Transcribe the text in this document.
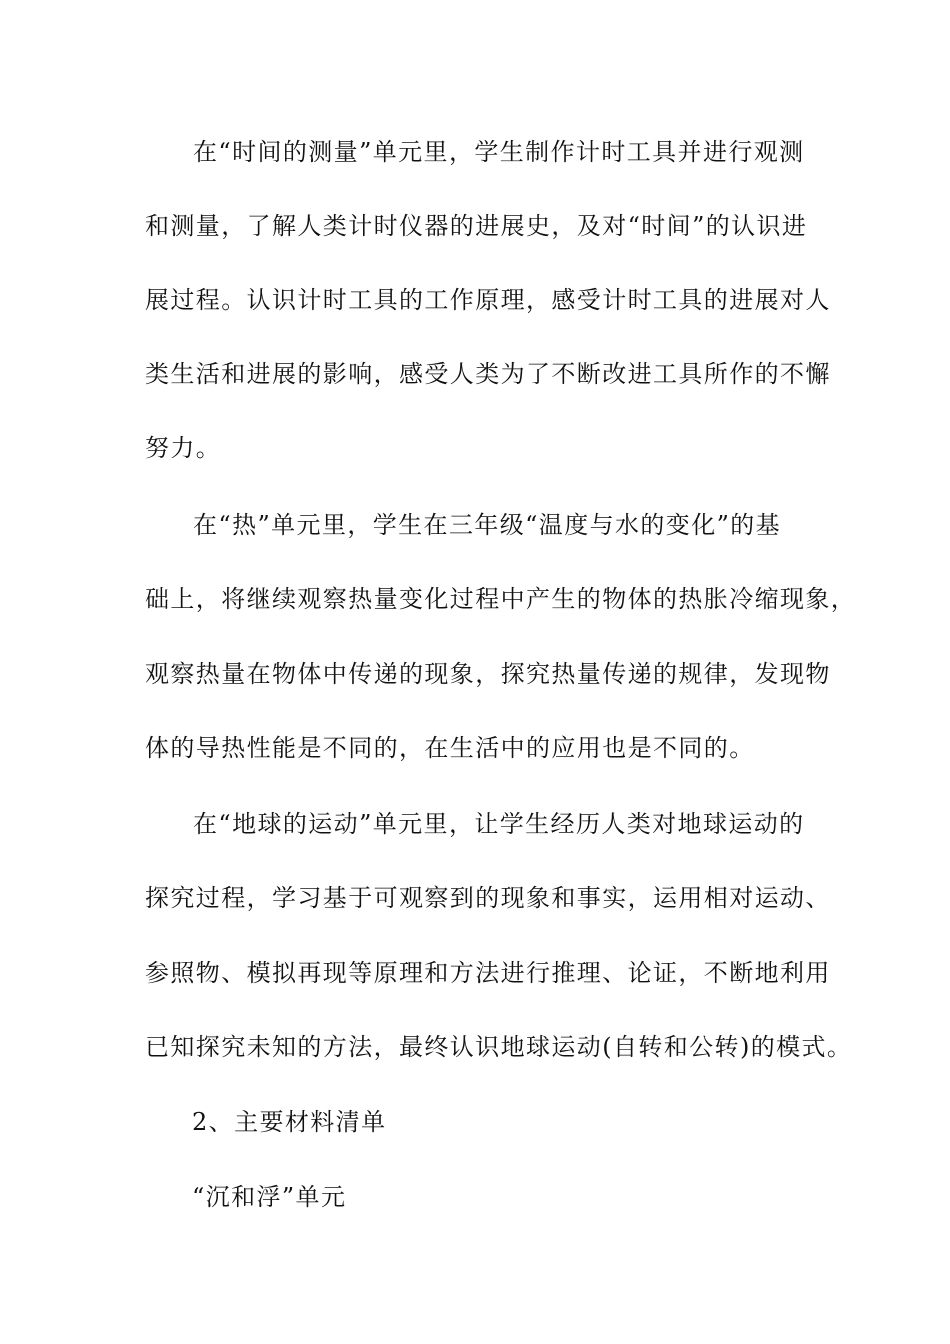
在“时间的测量”单元里，学生制作计时工具并进行观测
和测量，了解人类计时仪器的进展史，及对“时间”的认识进
展过程。认识计时工具的工作原理，感受计时工具的进展对人
类生活和进展的影响，感受人类为了不断改进工具所作的不懈
努力。
在“热”单元里，学生在三年级“温度与水的变化”的基
础上，将继续观察热量变化过程中产生的物体的热胀冷缩现象，
观察热量在物体中传递的现象，探究热量传递的规律，发现物
体的导热性能是不同的，在生活中的应用也是不同的。
在“地球的运动”单元里，让学生经历人类对地球运动的
探究过程，学习基于可观察到的现象和事实，运用相对运动、
参照物、模拟再现等原理和方法进行推理、论证，不断地利用
已知探究未知的方法，最终认识地球运动(自转和公转)的模式。
2、主要材料清单
“沉和浮”单元
